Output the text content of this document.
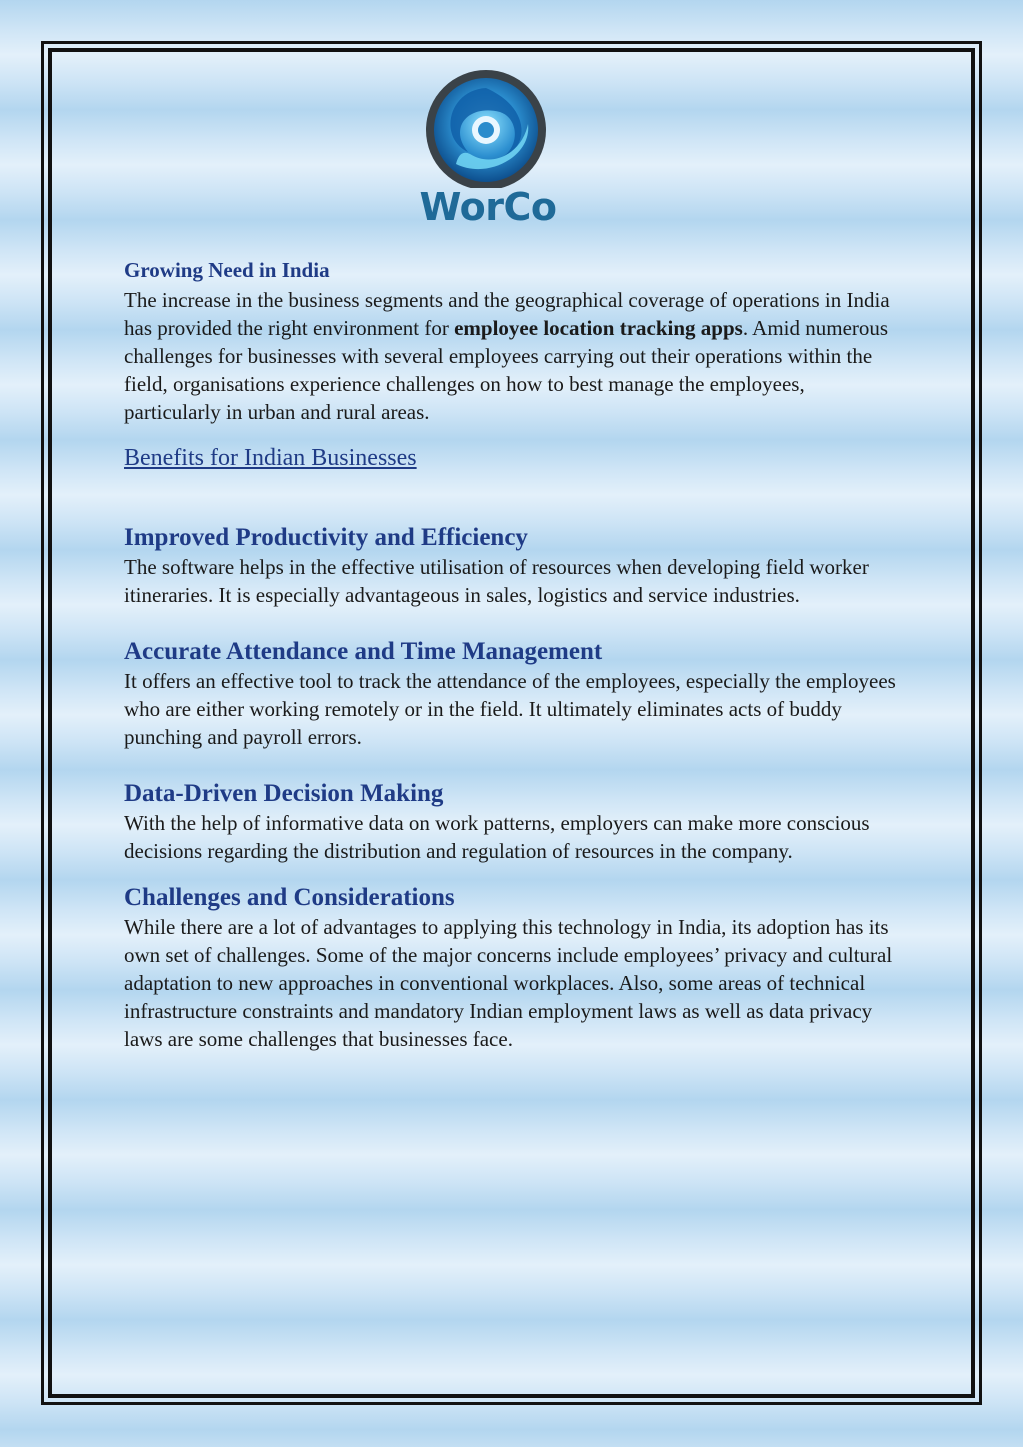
WorCo
Growing Need in India

The increase in the business segments and the geographical coverage of operations in India has provided the right environment for employee location tracking apps. Amid numerous challenges for businesses with several employees carrying out their operations within the field, organisations experience challenges on how to best manage the employees, particularly in urban and rural areas.

Benefits for Indian Businesses
Improved Productivity and Efficiency

The software helps in the effective utilisation of resources when developing field worker itineraries. It is especially advantageous in sales, logistics and service industries.

Accurate Attendance and Time Management

It offers an effective tool to track the attendance of the employees, especially the employees who are either working remotely or in the field. It ultimately eliminates acts of buddy punching and payroll errors.

Data-Driven Decision Making

With the help of informative data on work patterns, employers can make more conscious decisions regarding the distribution and regulation of resources in the company.

Challenges and Considerations

While there are a lot of advantages to applying this technology in India, its adoption has its own set of challenges. Some of the major concerns include employees’ privacy and cultural adaptation to new approaches in conventional workplaces. Also, some areas of technical infrastructure constraints and mandatory Indian employment laws as well as data privacy laws are some challenges that businesses face.
